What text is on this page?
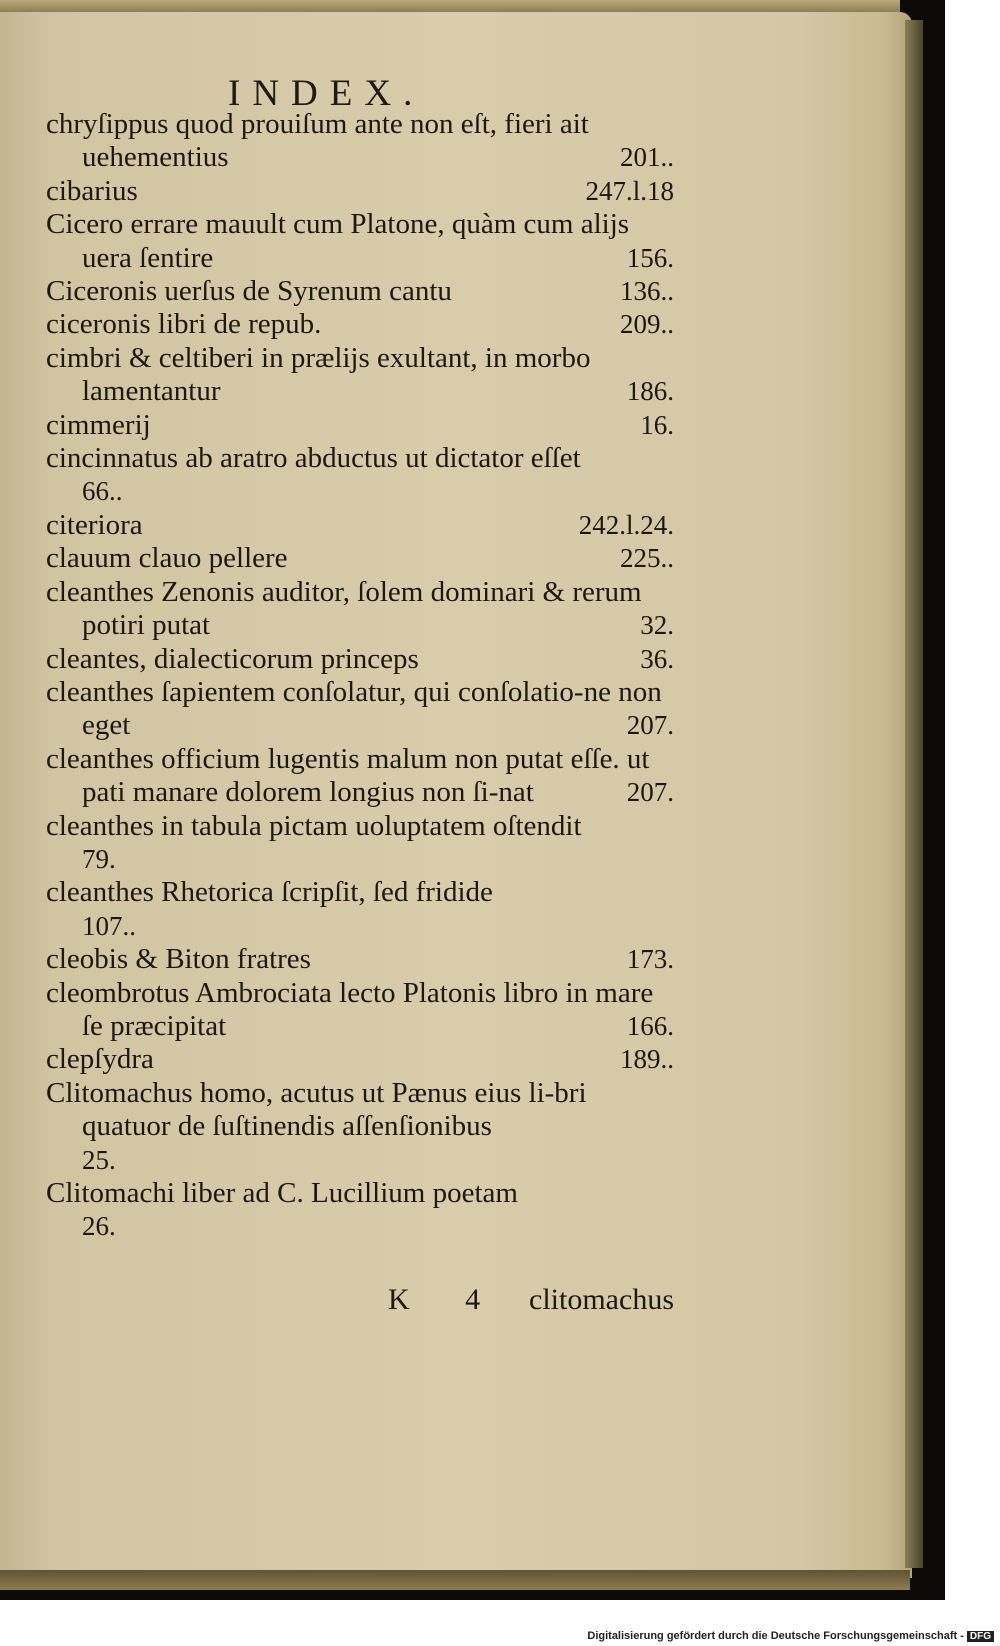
INDEX.
chryſippus quod prouiſum ante non eſt, fieri ait uehementius	201..
cibarius	247.l.18
Cicero errare mauult cum Platone, quàm cum alijs uera ſentire	156.
Ciceronis uerſus de Syrenum cantu	136..
ciceronis libri de repub.	209..
cimbri & celtiberi in prælijs exultant, in morbo lamentantur	186.
cimmerij	16.
cincinnatus ab aratro abductus ut dictator eſſet
66..
citeriora	242.l.24.
clauum clauo pellere	225..
cleanthes Zenonis auditor, ſolem dominari & rerum potiri putat	32.
cleantes, dialecticorum princeps	36.
cleanthes ſapientem conſolatur, qui conſolatio‐ne non eget	207.
cleanthes officium lugentis malum non putat eſſe. ut pati manare dolorem longius non ſi‐nat	207.
cleanthes in tabula pictam uoluptatem oſtendit
79.
cleanthes Rhetorica ſcripſit, ſed fridide
107..
cleobis & Biton fratres	173.
cleombrotus Ambrociata lecto Platonis libro in mare ſe præcipitat	166.
clepſydra	189..
Clitomachus homo, acutus ut Pænus eius li‐bri quatuor de ſuſtinendis aſſenſionibus
25.
Clitomachi liber ad C. Lucillium poetam
26.
K 4 clitomachus
Digitalisierung gefördert durch die Deutsche Forschungsgemeinschaft - DFG
